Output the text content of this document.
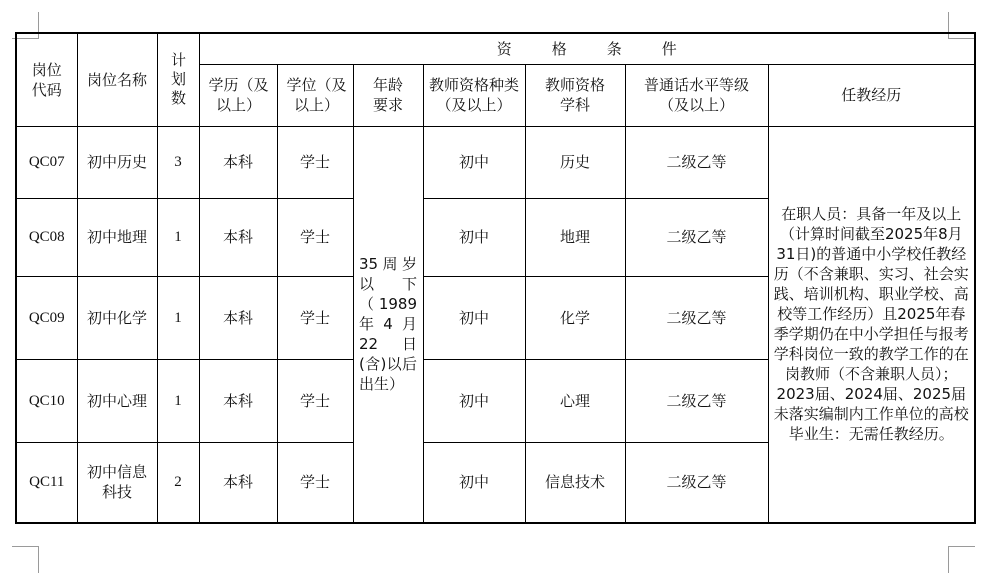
岗位代码	岗位名称	计划数	资格条件						
			学历（及以上）	学位（及以上）	年龄要求	教师资格种类（及以上）	教师资格学科	普通话水平等级（及以上）	任教经历
QC07	初中历史	3	本科	学士	35周岁以下（1989年4月22日(含)以后出生）	初中	历史	二级乙等	在职人员：具备一年及以上（计算时间截至2025年8月31日)的普通中小学校任教经历（不含兼职、实习、社会实践、培训机构、职业学校、高校等工作经历）且2025年春季学期仍在中小学担任与报考学科岗位一致的教学工作的在岗教师（不含兼职人员）；
2023届、2024届、2025届未落实编制内工作单位的高校毕业生：无需任教经历。

QC08	初中地理	1	本科	学士		初中	地理	二级乙等	
QC09	初中化学	1	本科	学士		初中	化学	二级乙等	
QC10	初中心理	1	本科	学士		初中	心理	二级乙等	
QC11	初中信息科技	2	本科	学士		初中	信息技术	二级乙等	
